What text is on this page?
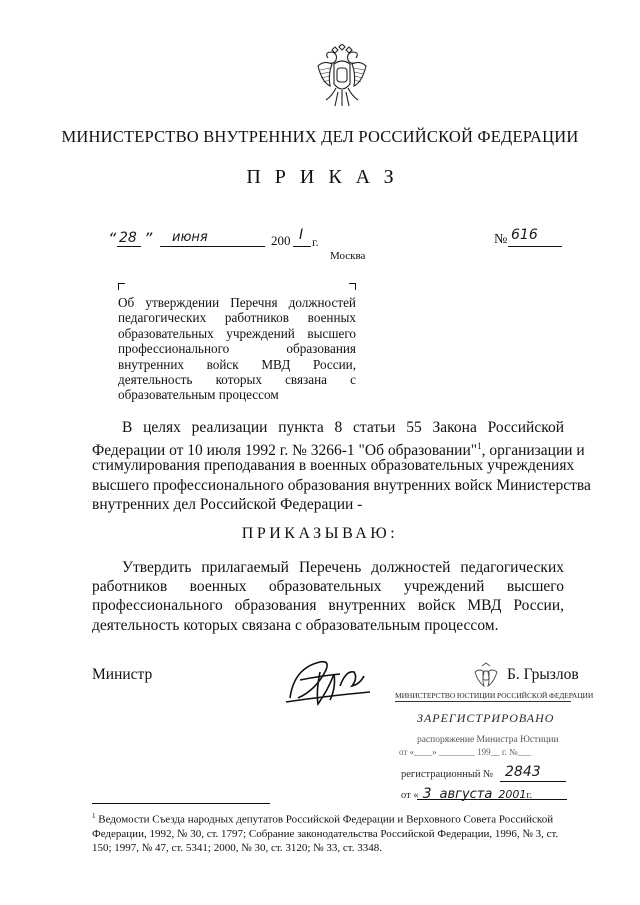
МИНИСТЕРСТВО ВНУТРЕННИХ ДЕЛ РОССИЙСКОЙ ФЕДЕРАЦИИ
ПРИКАЗ
“ 28 ” июня	200 I г.
Москва
№ 616
Об утверждении Перечня должностей
педагогических работников военных
образовательных учреждений высшего
профессионального образования
внутренних войск МВД России,
деятельность которых связана с
образовательным процессом
В целях реализации пункта 8 статьи 55 Закона Российской
Федерации от 10 июля 1992 г. № 3266-1 "Об образовании"$^1$, организации и
стимулирования преподавания в военных образовательных учреждениях
высшего профессионального образования внутренних войск Министерства
внутренних дел Российской Федерации -
ПРИКАЗЫВАЮ:
Утвердить прилагаемый Перечень должностей педагогических
работников военных образовательных учреждений высшего
профессионального образования внутренних войск МВД России,
деятельность которых связана с образовательным процессом.
Министр	Б. Грызлов
МИНИСТЕРСТВО ЮСТИЦИИ РОССИЙСКОЙ ФЕДЕРАЦИИ
ЗАРЕГИСТРИРОВАНО
распоряжение Министра Юстиции
от «____» ________ 199__ г. №___
регистрационный № 2843
от « 3 августа 2001г.
$^1$ Ведомости Съезда народных депутатов Российской Федерации и Верховного Совета Российской Федерации, 1992, № 30, ст. 1797; Собрание законодательства Российской Федерации, 1996, № 3, ст. 150; 1997, № 47, ст. 5341; 2000, № 30, ст. 3120; № 33, ст. 3348.
